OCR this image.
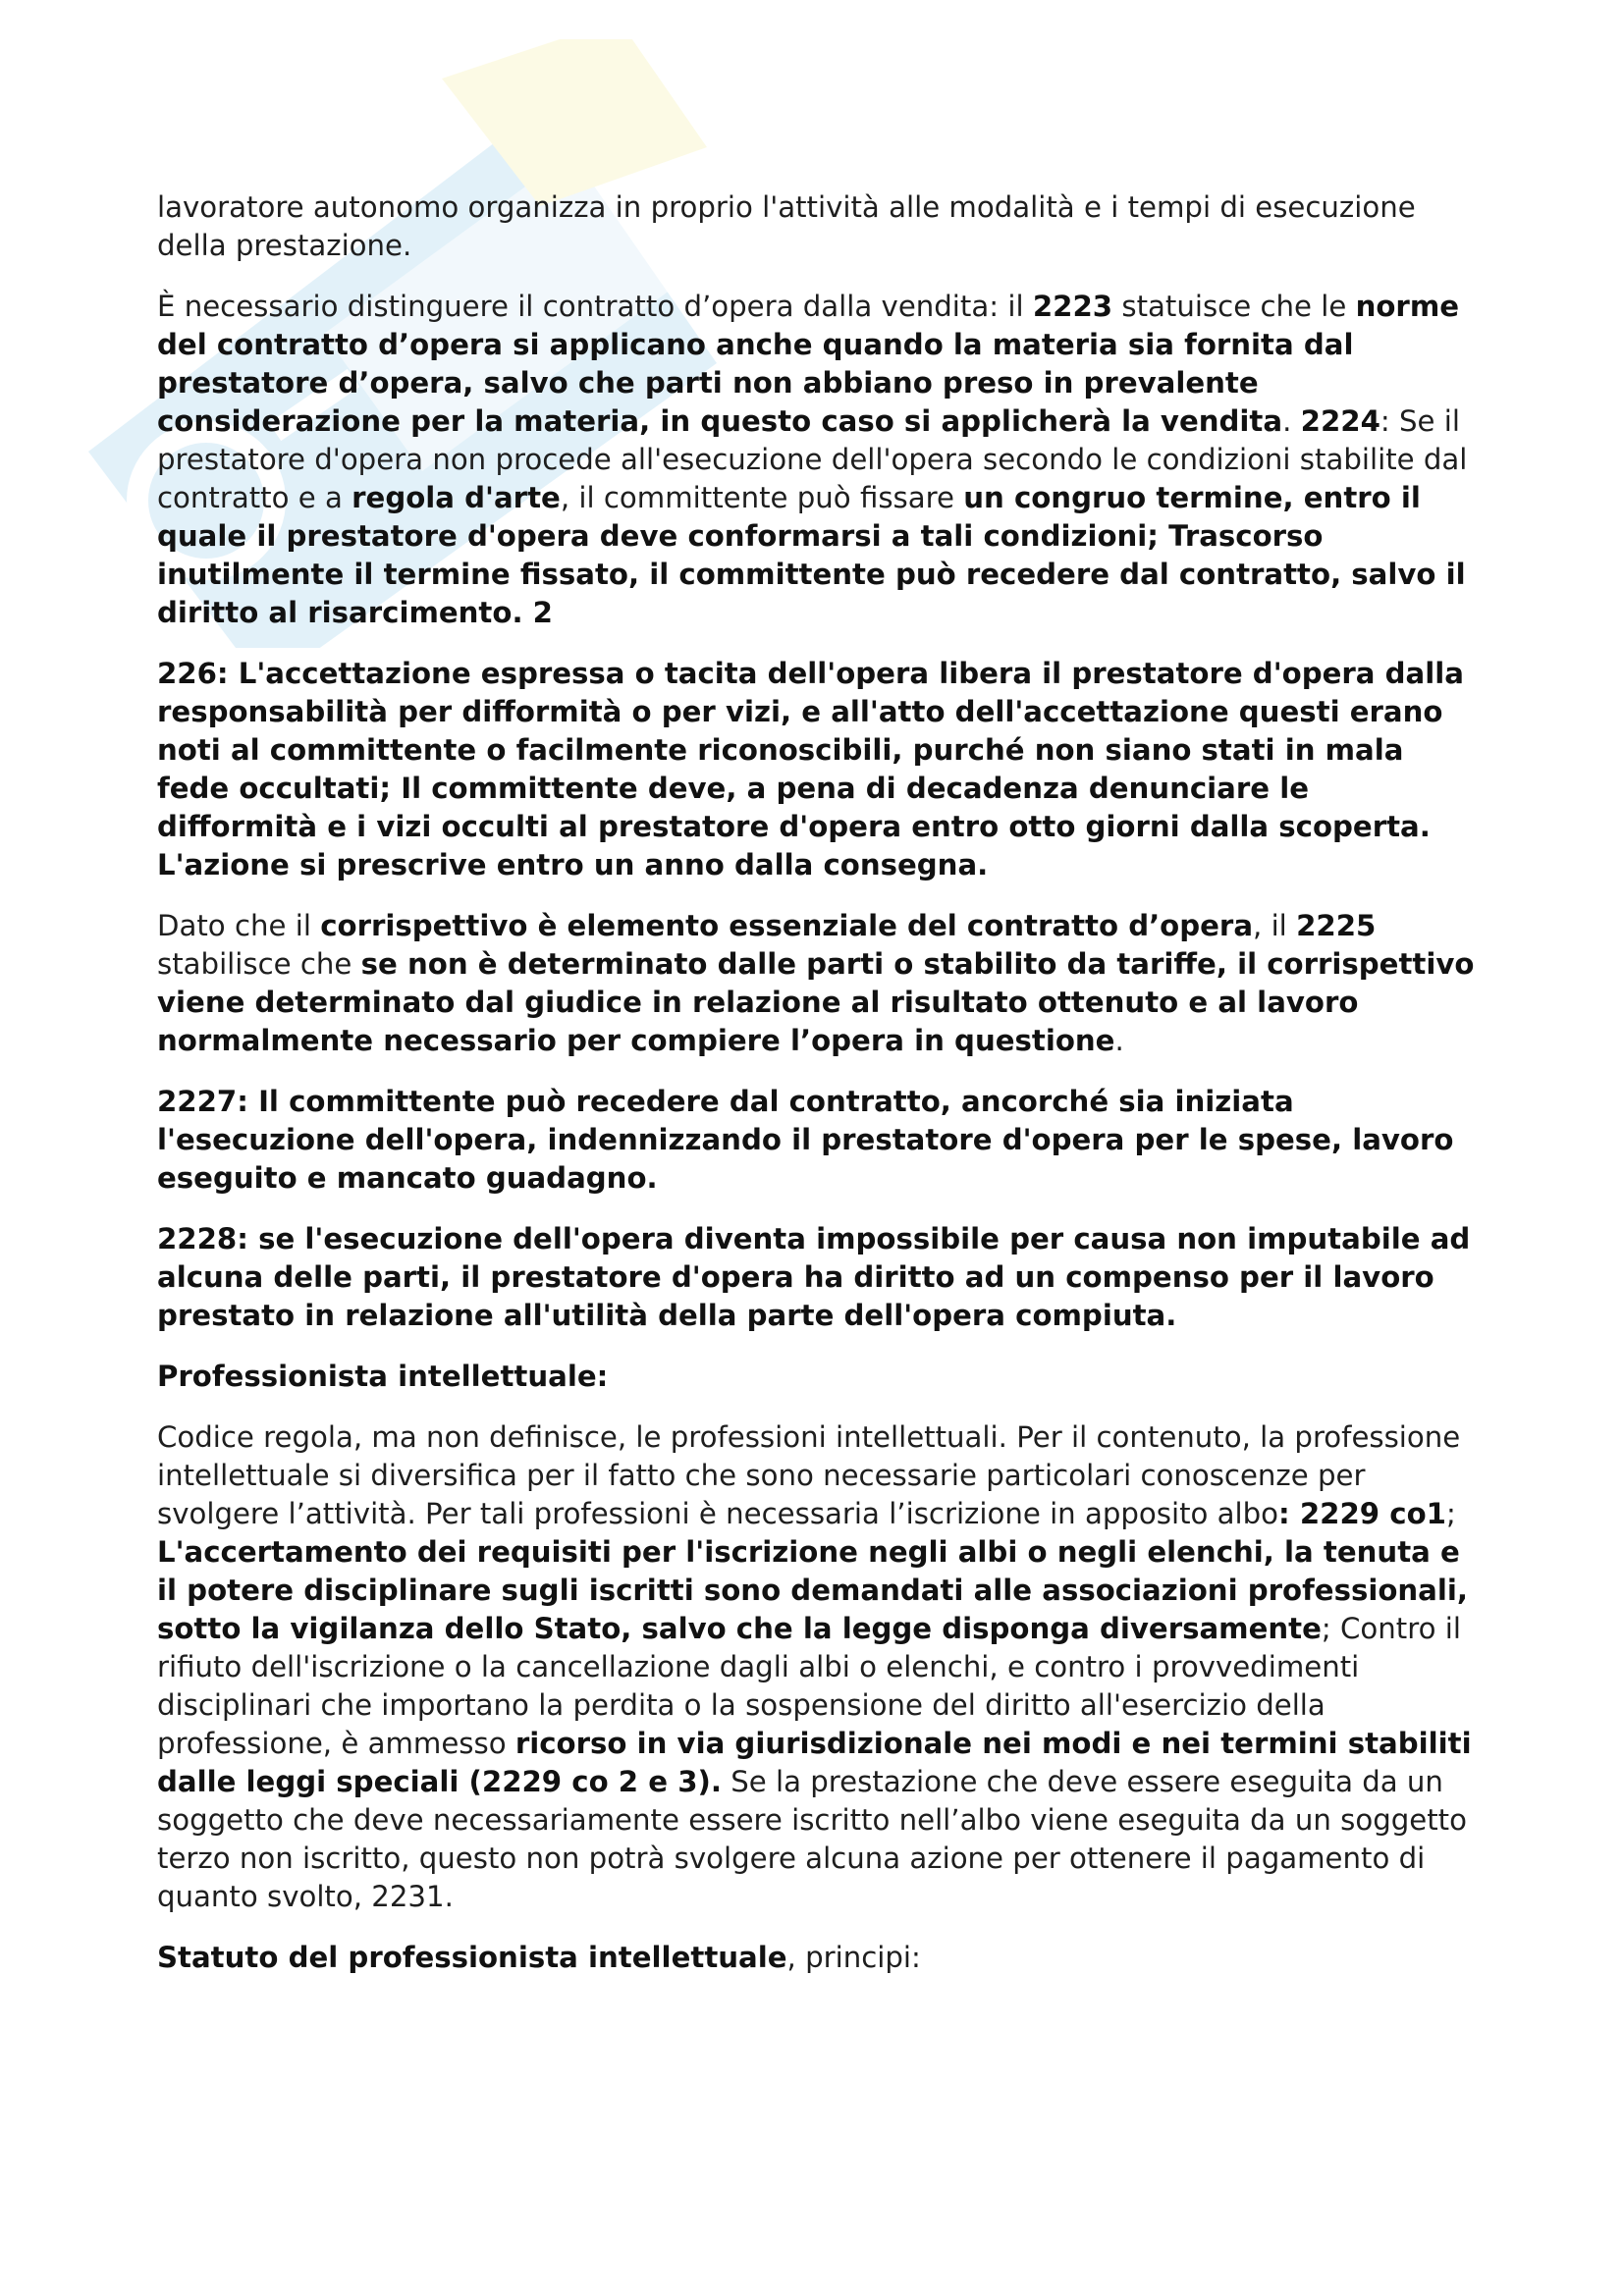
lavoratore autonomo organizza in proprio l'attività alle modalità e i tempi di esecuzione della prestazione.

È necessario distinguere il contratto d’opera dalla vendita: il 2223 statuisce che le norme del contratto d’opera si applicano anche quando la materia sia fornita dal prestatore d’opera, salvo che parti non abbiano preso in prevalente considerazione per la materia, in questo caso si applicherà la vendita. 2224: Se il prestatore d'opera non procede all'esecuzione dell'opera secondo le condizioni stabilite dal contratto e a regola d'arte, il committente può fissare un congruo termine, entro il quale il prestatore d'opera deve conformarsi a tali condizioni; Trascorso inutilmente il termine fissato, il committente può recedere dal contratto, salvo il diritto al risarcimento. 2

226: L'accettazione espressa o tacita dell'opera libera il prestatore d'opera dalla responsabilità per difformità o per vizi, e all'atto dell'accettazione questi erano noti al committente o facilmente riconoscibili, purché non siano stati in mala fede occultati; Il committente deve, a pena di decadenza denunciare le difformità e i vizi occulti al prestatore d'opera entro otto giorni dalla scoperta. L'azione si prescrive entro un anno dalla consegna.

Dato che il corrispettivo è elemento essenziale del contratto d’opera, il 2225 stabilisce che se non è determinato dalle parti o stabilito da tariffe, il corrispettivo viene determinato dal giudice in relazione al risultato ottenuto e al lavoro normalmente necessario per compiere l’opera in questione.

2227: Il committente può recedere dal contratto, ancorché sia iniziata l'esecuzione dell'opera, indennizzando il prestatore d'opera per le spese, lavoro eseguito e mancato guadagno.

2228: se l'esecuzione dell'opera diventa impossibile per causa non imputabile ad alcuna delle parti, il prestatore d'opera ha diritto ad un compenso per il lavoro prestato in relazione all'utilità della parte dell'opera compiuta.

Professionista intellettuale:

Codice regola, ma non definisce, le professioni intellettuali. Per il contenuto, la professione intellettuale si diversifica per il fatto che sono necessarie particolari conoscenze per svolgere l’attività. Per tali professioni è necessaria l’iscrizione in apposito albo: 2229 co1; L'accertamento dei requisiti per l'iscrizione negli albi o negli elenchi, la tenuta e il potere disciplinare sugli iscritti sono demandati alle associazioni professionali, sotto la vigilanza dello Stato, salvo che la legge disponga diversamente; Contro il rifiuto dell'iscrizione o la cancellazione dagli albi o elenchi, e contro i provvedimenti disciplinari che importano la perdita o la sospensione del diritto all'esercizio della professione, è ammesso ricorso in via giurisdizionale nei modi e nei termini stabiliti dalle leggi speciali (2229 co 2 e 3). Se la prestazione che deve essere eseguita da un soggetto che deve necessariamente essere iscritto nell’albo viene eseguita da un soggetto terzo non iscritto, questo non potrà svolgere alcuna azione per ottenere il pagamento di quanto svolto, 2231.

Statuto del professionista intellettuale, principi:
